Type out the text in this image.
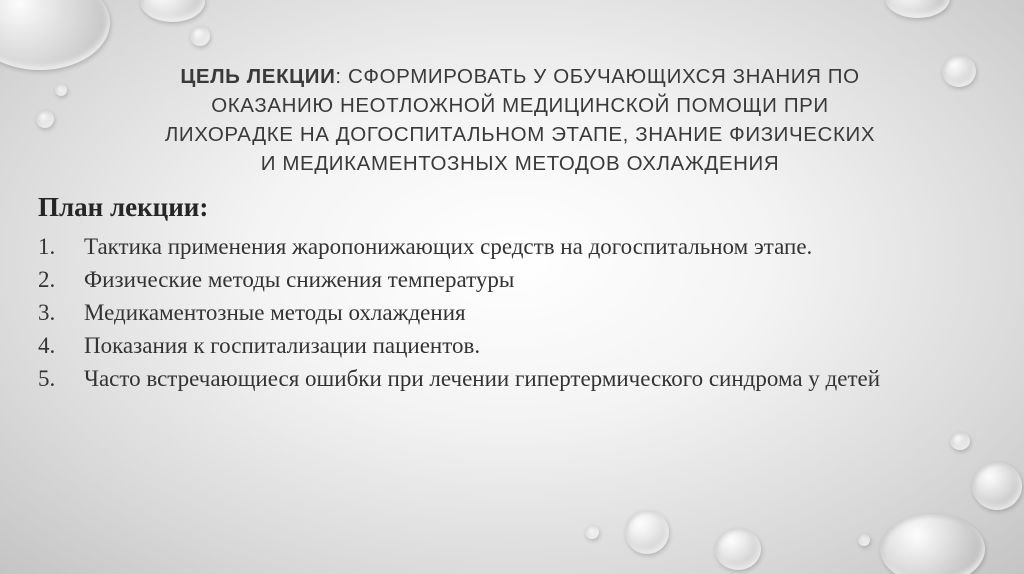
ЦЕЛЬ ЛЕКЦИИ: СФОРМИРОВАТЬ У ОБУЧАЮЩИХСЯ ЗНАНИЯ ПО
ОКАЗАНИЮ НЕОТЛОЖНОЙ МЕДИЦИНСКОЙ ПОМОЩИ ПРИ
ЛИХОРАДКЕ НА ДОГОСПИТАЛЬНОМ ЭТАПЕ, ЗНАНИЕ ФИЗИЧЕСКИХ
И МЕДИКАМЕНТОЗНЫХ МЕТОДОВ ОХЛАЖДЕНИЯ
План лекции:
1. Тактика применения жаропонижающих средств на догоспитальном этапе.
2. Физические методы снижения температуры
3. Медикаментозные методы охлаждения
4. Показания к госпитализации пациентов.
5. Часто встречающиеся ошибки при лечении гипертермического синдрома у детей
